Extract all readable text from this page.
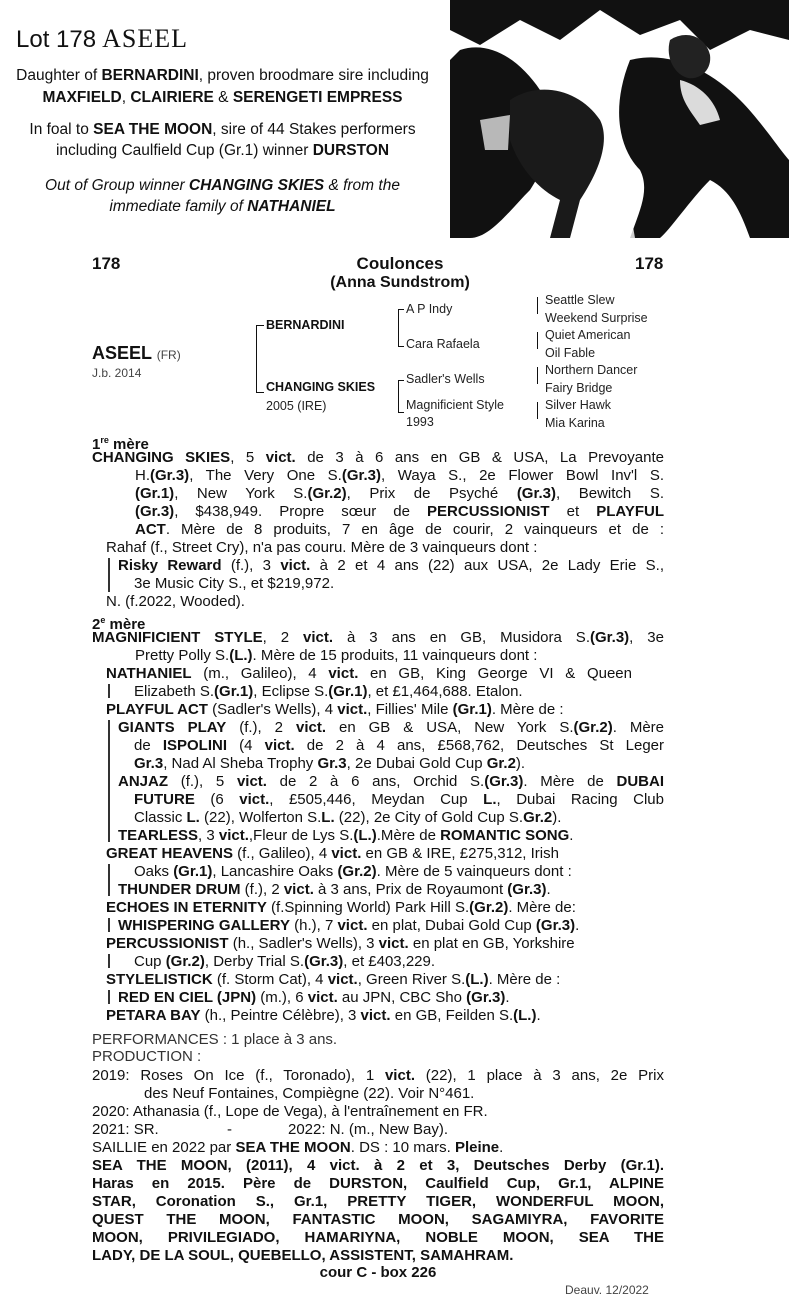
Lot 178 ASEEL
Daughter of BERNARDINI, proven broodmare sire including
MAXFIELD, CLAIRIERE & SERENGETI EMPRESS
In foal to SEA THE MOON, sire of 44 Stakes performers
including Caulfield Cup (Gr.1) winner DURSTON
Out of Group winner CHANGING SKIES & from the
immediate family of NATHANIEL
178	178
Coulonces
(Anna Sundstrom)
ASEEL (FR)
J.b. 2014
BERNARDINI
CHANGING SKIES
2005 (IRE)
A P Indy
Cara Rafaela
Sadler's Wells
Magnificient Style
1993
Seattle Slew
Weekend Surprise
Quiet American
Oil Fable
Northern Dancer
Fairy Bridge
Silver Hawk
Mia Karina
1re mère
CHANGING SKIES, 5 vict. de 3 à 6 ans en GB & USA, La Prevoyante
H.(Gr.3), The Very One S.(Gr.3), Waya S., 2e Flower Bowl Inv'l S.
(Gr.1), New York S.(Gr.2), Prix de Psyché (Gr.3), Bewitch S.
(Gr.3), $438,949. Propre sœur de PERCUSSIONIST et PLAYFUL
ACT. Mère de 8 produits, 7 en âge de courir, 2 vainqueurs et de :
Rahaf (f., Street Cry), n'a pas couru. Mère de 3 vainqueurs dont :
Risky Reward (f.), 3 vict. à 2 et 4 ans (22) aux USA, 2e Lady Erie S.,
3e Music City S., et $219,972.
N. (f.2022, Wooded).
2e mère
MAGNIFICIENT STYLE, 2 vict. à 3 ans en GB, Musidora S.(Gr.3), 3e
Pretty Polly S.(L.). Mère de 15 produits, 11 vainqueurs dont :
NATHANIEL (m., Galileo), 4 vict. en GB, King George VI & Queen
Elizabeth S.(Gr.1), Eclipse S.(Gr.1), et £1,464,688. Etalon.
PLAYFUL ACT (Sadler's Wells), 4 vict., Fillies' Mile (Gr.1). Mère de :
GIANTS PLAY (f.), 2 vict. en GB & USA, New York S.(Gr.2). Mère
de ISPOLINI (4 vict. de 2 à 4 ans, £568,762, Deutsches St Leger
Gr.3, Nad Al Sheba Trophy Gr.3, 2e Dubai Gold Cup Gr.2).
ANJAZ (f.), 5 vict. de 2 à 6 ans, Orchid S.(Gr.3). Mère de DUBAI
FUTURE (6 vict., £505,446, Meydan Cup L., Dubai Racing Club
Classic L. (22), Wolferton S.L. (22), 2e City of Gold Cup S.Gr.2).
TEARLESS, 3 vict.,Fleur de Lys S.(L.).Mère de ROMANTIC SONG.
GREAT HEAVENS (f., Galileo), 4 vict. en GB & IRE, £275,312, Irish
Oaks (Gr.1), Lancashire Oaks (Gr.2). Mère de 5 vainqueurs dont :
THUNDER DRUM (f.), 2 vict. à 3 ans, Prix de Royaumont (Gr.3).
ECHOES IN ETERNITY (f.Spinning World) Park Hill S.(Gr.2). Mère de:
WHISPERING GALLERY (h.), 7 vict. en plat, Dubai Gold Cup (Gr.3).
PERCUSSIONIST (h., Sadler's Wells), 3 vict. en plat en GB, Yorkshire
Cup (Gr.2), Derby Trial S.(Gr.3), et £403,229.
STYLELISTICK (f. Storm Cat), 4 vict., Green River S.(L.). Mère de :
RED EN CIEL (JPN) (m.), 6 vict. au JPN, CBC Sho (Gr.3).
PETARA BAY (h., Peintre Célèbre), 3 vict. en GB, Feilden S.(L.).
PERFORMANCES : 1 place à 3 ans.
PRODUCTION :
2019: Roses On Ice (f., Toronado), 1 vict. (22), 1 place à 3 ans, 2e Prix
des Neuf Fontaines, Compiègne (22). Voir N°461.
2020: Athanasia (f., Lope de Vega), à l'entraînement en FR.
2021: SR.	-	2022: N. (m., New Bay).
SAILLIE en 2022 par SEA THE MOON. DS : 10 mars. Pleine.
SEA THE MOON, (2011), 4 vict. à 2 et 3, Deutsches Derby (Gr.1).
Haras en 2015. Père de DURSTON, Caulfield Cup, Gr.1, ALPINE
STAR, Coronation S., Gr.1, PRETTY TIGER, WONDERFUL MOON,
QUEST THE MOON, FANTASTIC MOON, SAGAMIYRA, FAVORITE
MOON, PRIVILEGIADO, HAMARIYNA, NOBLE MOON, SEA THE
LADY, DE LA SOUL, QUEBELLO, ASSISTENT, SAMAHRAM.
cour C - box 226
Deauv. 12/2022
